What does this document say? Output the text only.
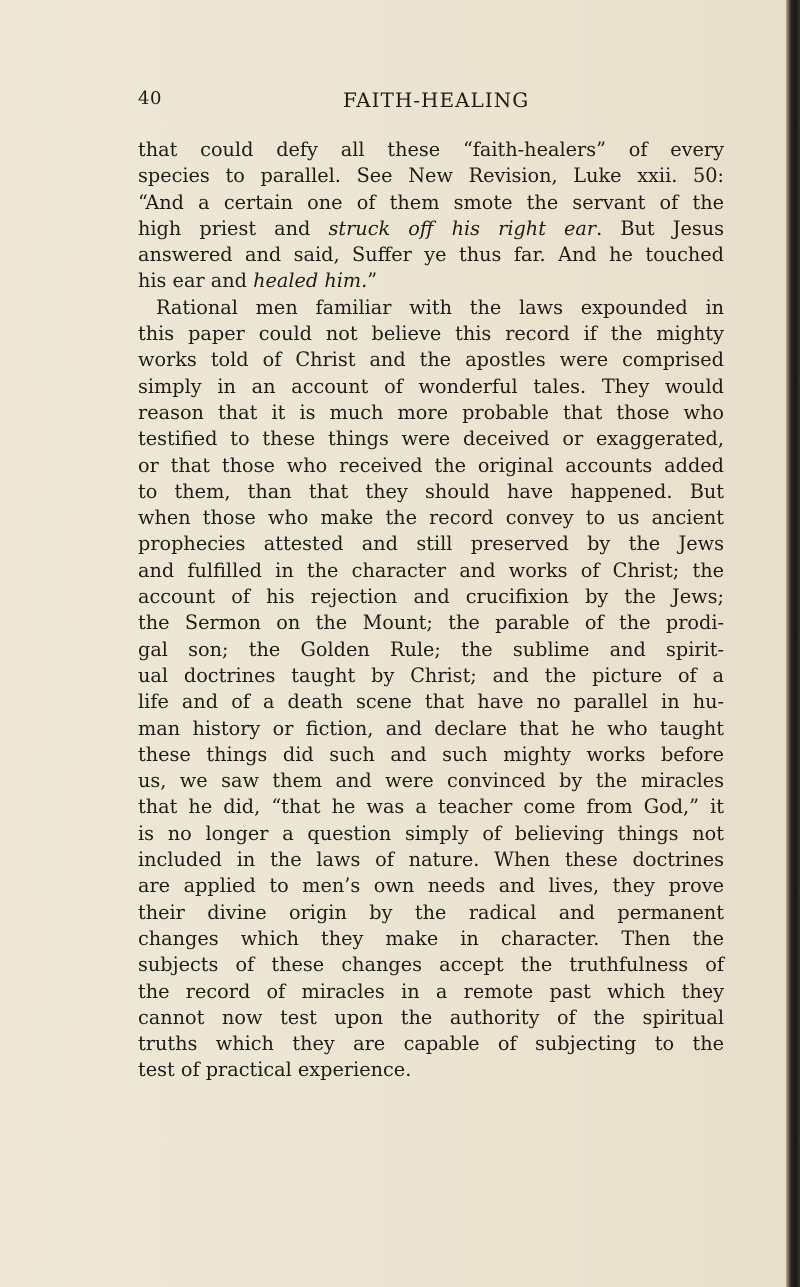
40	FAITH-HEALING
that could defy all these “faith-healers” of every
species to parallel. See New Revision, Luke xxii. 50:
“And a certain one of them smote the servant of the
high priest and struck off his right ear. But Jesus
answered and said, Suffer ye thus far. And he touched
his ear and healed him.”
Rational men familiar with the laws expounded in
this paper could not believe this record if the mighty
works told of Christ and the apostles were comprised
simply in an account of wonderful tales. They would
reason that it is much more probable that those who
testified to these things were deceived or exaggerated,
or that those who received the original accounts added
to them, than that they should have happened. But
when those who make the record convey to us ancient
prophecies attested and still preserved by the Jews
and fulfilled in the character and works of Christ; the
account of his rejection and crucifixion by the Jews;
the Sermon on the Mount; the parable of the prodi-
gal son; the Golden Rule; the sublime and spirit-
ual doctrines taught by Christ; and the picture of a
life and of a death scene that have no parallel in hu-
man history or fiction, and declare that he who taught
these things did such and such mighty works before
us, we saw them and were convinced by the miracles
that he did, “that he was a teacher come from God,” it
is no longer a question simply of believing things not
included in the laws of nature. When these doctrines
are applied to men’s own needs and lives, they prove
their divine origin by the radical and permanent
changes which they make in character. Then the
subjects of these changes accept the truthfulness of
the record of miracles in a remote past which they
cannot now test upon the authority of the spiritual
truths which they are capable of subjecting to the
test of practical experience.
